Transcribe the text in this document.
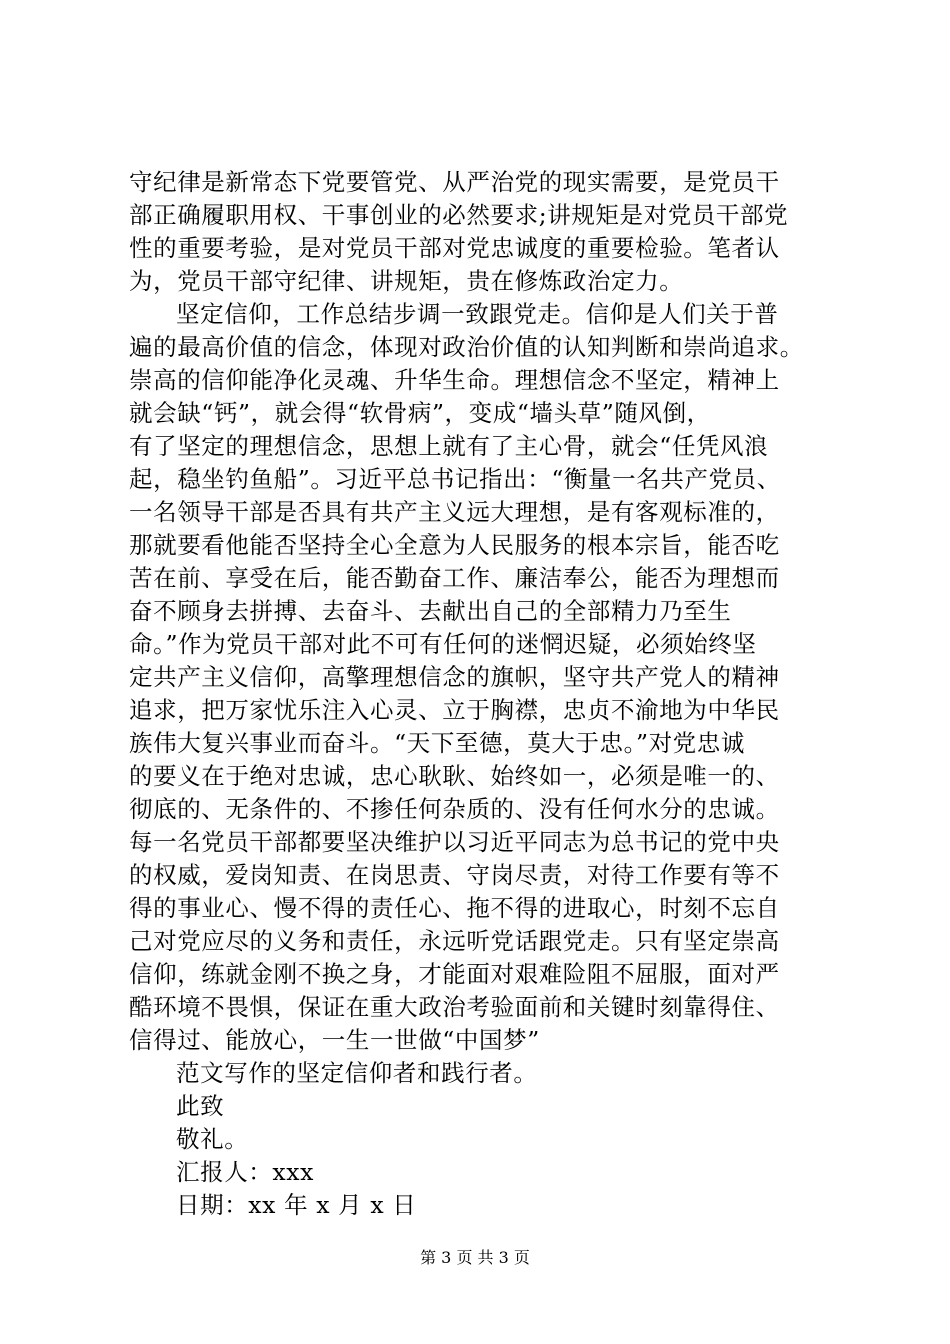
守纪律是新常态下党要管党、从严治党的现实需要，是党员干
部正确履职用权、干事创业的必然要求;讲规矩是对党员干部党
性的重要考验，是对党员干部对党忠诚度的重要检验。笔者认
为，党员干部守纪律、讲规矩，贵在修炼政治定力。
坚定信仰，工作总结步调一致跟党走。信仰是人们关于普
遍的最高价值的信念，体现对政治价值的认知判断和崇尚追求。
崇高的信仰能净化灵魂、升华生命。理想信念不坚定，精神上
就会缺“钙”，就会得“软骨病”，变成“墙头草”随风倒，
有了坚定的理想信念，思想上就有了主心骨，就会“任凭风浪
起，稳坐钓鱼船”。习近平总书记指出：“衡量一名共产党员、
一名领导干部是否具有共产主义远大理想，是有客观标准的，
那就要看他能否坚持全心全意为人民服务的根本宗旨，能否吃
苦在前、享受在后，能否勤奋工作、廉洁奉公，能否为理想而
奋不顾身去拼搏、去奋斗、去献出自己的全部精力乃至生
命。”作为党员干部对此不可有任何的迷惘迟疑，必须始终坚
定共产主义信仰，高擎理想信念的旗帜，坚守共产党人的精神
追求，把万家忧乐注入心灵、立于胸襟，忠贞不渝地为中华民
族伟大复兴事业而奋斗。“天下至德，莫大于忠。”对党忠诚
的要义在于绝对忠诚，忠心耿耿、始终如一，必须是唯一的、
彻底的、无条件的、不掺任何杂质的、没有任何水分的忠诚。
每一名党员干部都要坚决维护以习近平同志为总书记的党中央
的权威，爱岗知责、在岗思责、守岗尽责，对待工作要有等不
得的事业心、慢不得的责任心、拖不得的进取心，时刻不忘自
己对党应尽的义务和责任，永远听党话跟党走。只有坚定崇高
信仰，练就金刚不换之身，才能面对艰难险阻不屈服，面对严
酷环境不畏惧，保证在重大政治考验面前和关键时刻靠得住、
信得过、能放心，一生一世做“中国梦”
范文写作的坚定信仰者和践行者。
此致
敬礼。
汇报人：xxx
日期：xx 年 x 月 x 日
第 3 页 共 3 页
